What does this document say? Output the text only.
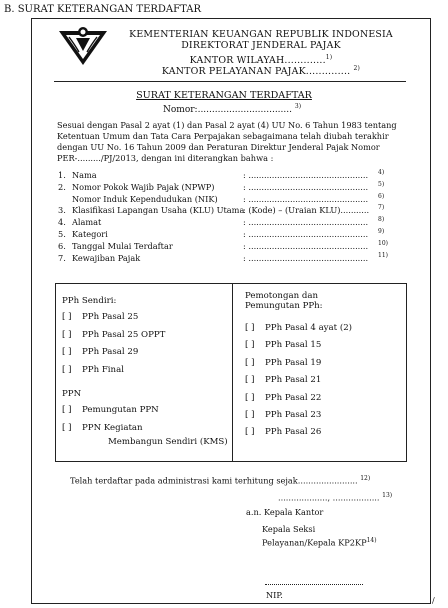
B. SURAT KETERANGAN TERDAFTAR
KEMENTERIAN KEUANGAN REPUBLIK INDONESIA
DIREKTORAT JENDERAL PAJAK
KANTOR WILAYAH.............$^{1)}$
KANTOR PELAYANAN PAJAK.............. $^{2)}$
SURAT KETERANGAN TERDAFTAR
Nomor:................................. $^{3)}$
Sesuai dengan Pasal 2 ayat (1) dan Pasal 2 ayat (4) UU No. 6 Tahun 1983 tentang
Ketentuan Umum dan Tata Cara Perpajakan sebagaimana telah diubah terakhir
dengan UU No. 16 Tahun 2009 dan Peraturan Direktur Jenderal Pajak Nomor
PER-........./PJ/2013, dengan ini diterangkan bahwa :
1. Nama	: .............................................. 4)
2. Nomor Pokok Wajib Pajak (NPWP)	: .............................................. 5)
Nomor Induk Kependudukan (NIK)	: .............................................. 6)
3. Klasifikasi Lapangan Usaha (KLU) Utama
: (Kode) – (Uraian KLU)........... 7)
4. Alamat	: .............................................. 8)
5. Kategori	: .............................................. 9)
6. Tanggal Mulai Terdaftar	: .............................................. 10)
7. Kewajiban Pajak	: .............................................. 11)
PPh Sendiri:
[ ] PPh Pasal 25
[ ] PPh Pasal 25 OPPT
[ ] PPh Pasal 29
[ ] PPh Final
PPN
[ ] Pemungutan PPN
[ ] PPN Kegiatan
Membangun Sendiri (KMS)
Pemotongan dan
Pemungutan PPh:
[ ] PPh Pasal 4 ayat (2)
[ ] PPh Pasal 15
[ ] PPh Pasal 19
[ ] PPh Pasal 21
[ ] PPh Pasal 22
[ ] PPh Pasal 23
[ ] PPh Pasal 26
Telah terdaftar pada administrasi kami terhitung sejak....................... $^{12)}$
..................., .................. $^{13)}$
a.n. Kepala Kantor
Kepala Seksi
Pelayanan/Kepala KP2KP$^{14)}$
NIP.
∕
